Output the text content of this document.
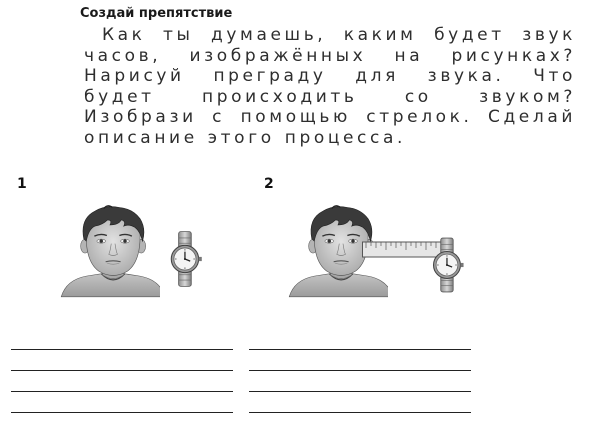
Создай препятствие
Как ты думаешь, каким будет звук часов, изображённых на рисунках? Нарисуй преграду для звука. Что будет происходить со звуком? Изобрази с помощью стрелок. Сделай описание этого процесса.
1	2
